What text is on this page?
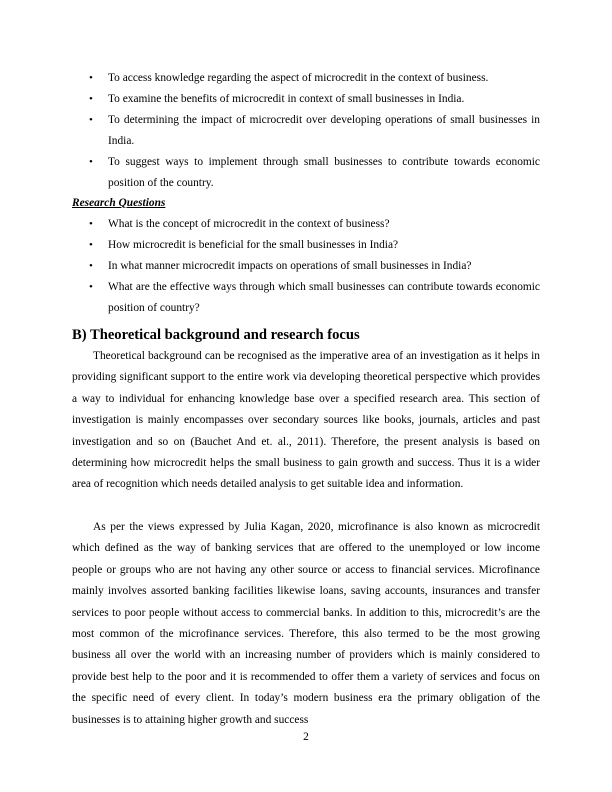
• To access knowledge regarding the aspect of microcredit in the context of business.
• To examine the benefits of microcredit in context of small businesses in India.
• To determining the impact of microcredit over developing operations of small businesses in India.
• To suggest ways to implement through small businesses to contribute towards economic position of the country.
Research Questions
• What is the concept of microcredit in the context of business?
• How microcredit is beneficial for the small businesses in India?
• In what manner microcredit impacts on operations of small businesses in India?
• What are the effective ways through which small businesses can contribute towards economic position of country?
B) Theoretical background and research focus

Theoretical background can be recognised as the imperative area of an investigation as it helps in providing significant support to the entire work via developing theoretical perspective which provides a way to individual for enhancing knowledge base over a specified research area. This section of investigation is mainly encompasses over secondary sources like books, journals, articles and past investigation and so on (Bauchet And et. al., 2011). Therefore, the present analysis is based on determining how microcredit helps the small business to gain growth and success. Thus it is a wider area of recognition which needs detailed analysis to get suitable idea and information.

As per the views expressed by Julia Kagan, 2020, microfinance is also known as microcredit which defined as the way of banking services that are offered to the unemployed or low income people or groups who are not having any other source or access to financial services. Microfinance mainly involves assorted banking facilities likewise loans, saving accounts, insurances and transfer services to poor people without access to commercial banks. In addition to this, microcredit’s are the most common of the microfinance services. Therefore, this also termed to be the most growing business all over the world with an increasing number of providers which is mainly considered to provide best help to the poor and it is recommended to offer them a variety of services and focus on the specific need of every client. In today’s modern business era the primary obligation of the businesses is to attaining higher growth and success

2
